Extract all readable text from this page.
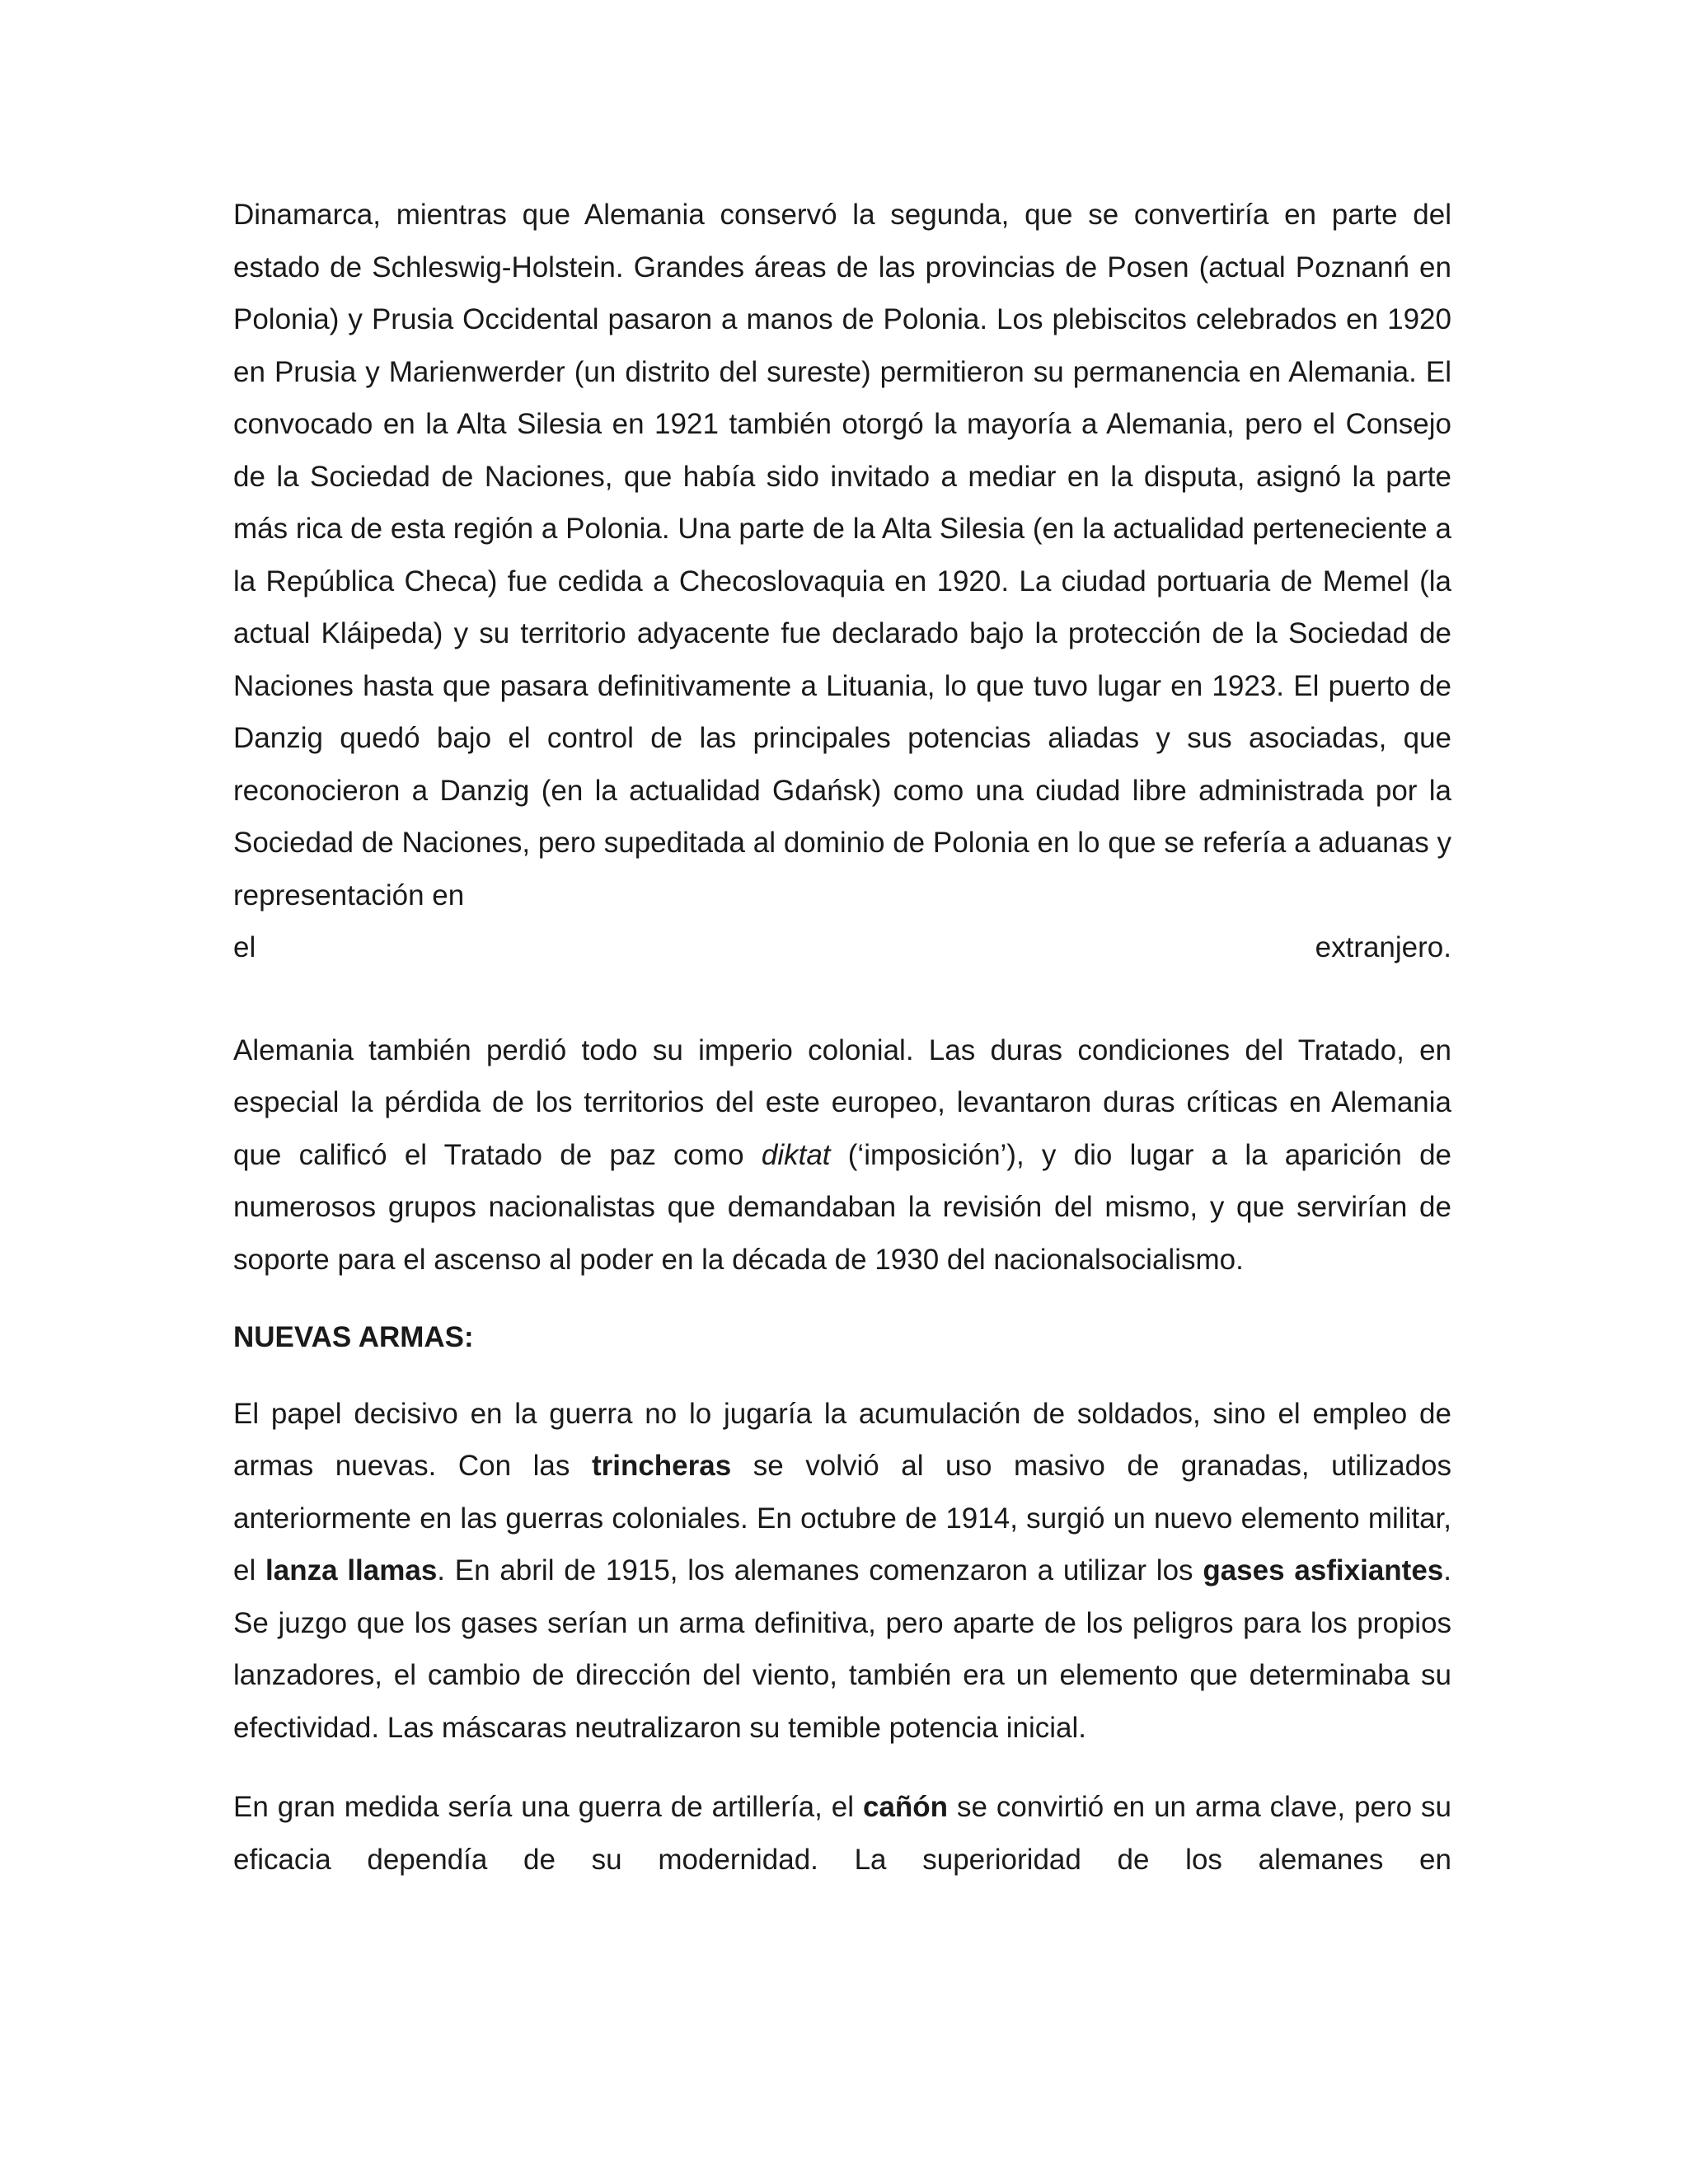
Dinamarca, mientras que Alemania conservó la segunda, que se convertiría en parte del estado de Schleswig-Holstein. Grandes áreas de las provincias de Posen (actual Poznanń en Polonia) y Prusia Occidental pasaron a manos de Polonia. Los plebiscitos celebrados en 1920 en Prusia y Marienwerder (un distrito del sureste) permitieron su permanencia en Alemania. El convocado en la Alta Silesia en 1921 también otorgó la mayoría a Alemania, pero el Consejo de la Sociedad de Naciones, que había sido invitado a mediar en la disputa, asignó la parte más rica de esta región a Polonia. Una parte de la Alta Silesia (en la actualidad perteneciente a la República Checa) fue cedida a Checoslovaquia en 1920. La ciudad portuaria de Memel (la actual Kláipeda) y su territorio adyacente fue declarado bajo la protección de la Sociedad de Naciones hasta que pasara definitivamente a Lituania, lo que tuvo lugar en 1923. El puerto de Danzig quedó bajo el control de las principales potencias aliadas y sus asociadas, que reconocieron a Danzig (en la actualidad Gdańsk) como una ciudad libre administrada por la Sociedad de Naciones, pero supeditada al dominio de Polonia en lo que se refería a aduanas y representación en
el	extranjero.

Alemania también perdió todo su imperio colonial. Las duras condiciones del Tratado, en especial la pérdida de los territorios del este europeo, levantaron duras críticas en Alemania que calificó el Tratado de paz como diktat (‘imposición’), y dio lugar a la aparición de numerosos grupos nacionalistas que demandaban la revisión del mismo, y que servirían de soporte para el ascenso al poder en la década de 1930 del nacionalsocialismo.

NUEVAS ARMAS:

El papel decisivo en la guerra no lo jugaría la acumulación de soldados, sino el empleo de armas nuevas. Con las trincheras se volvió al uso masivo de granadas, utilizados anteriormente en las guerras coloniales. En octubre de 1914, surgió un nuevo elemento militar, el lanza llamas. En abril de 1915, los alemanes comenzaron a utilizar los gases asfixiantes. Se juzgo que los gases serían un arma definitiva, pero aparte de los peligros para los propios lanzadores, el cambio de dirección del viento, también era un elemento que determinaba su efectividad. Las máscaras neutralizaron su temible potencia inicial.

En gran medida sería una guerra de artillería, el cañón se convirtió en un arma clave, pero su eficacia dependía de su modernidad. La superioridad de los alemanes en
